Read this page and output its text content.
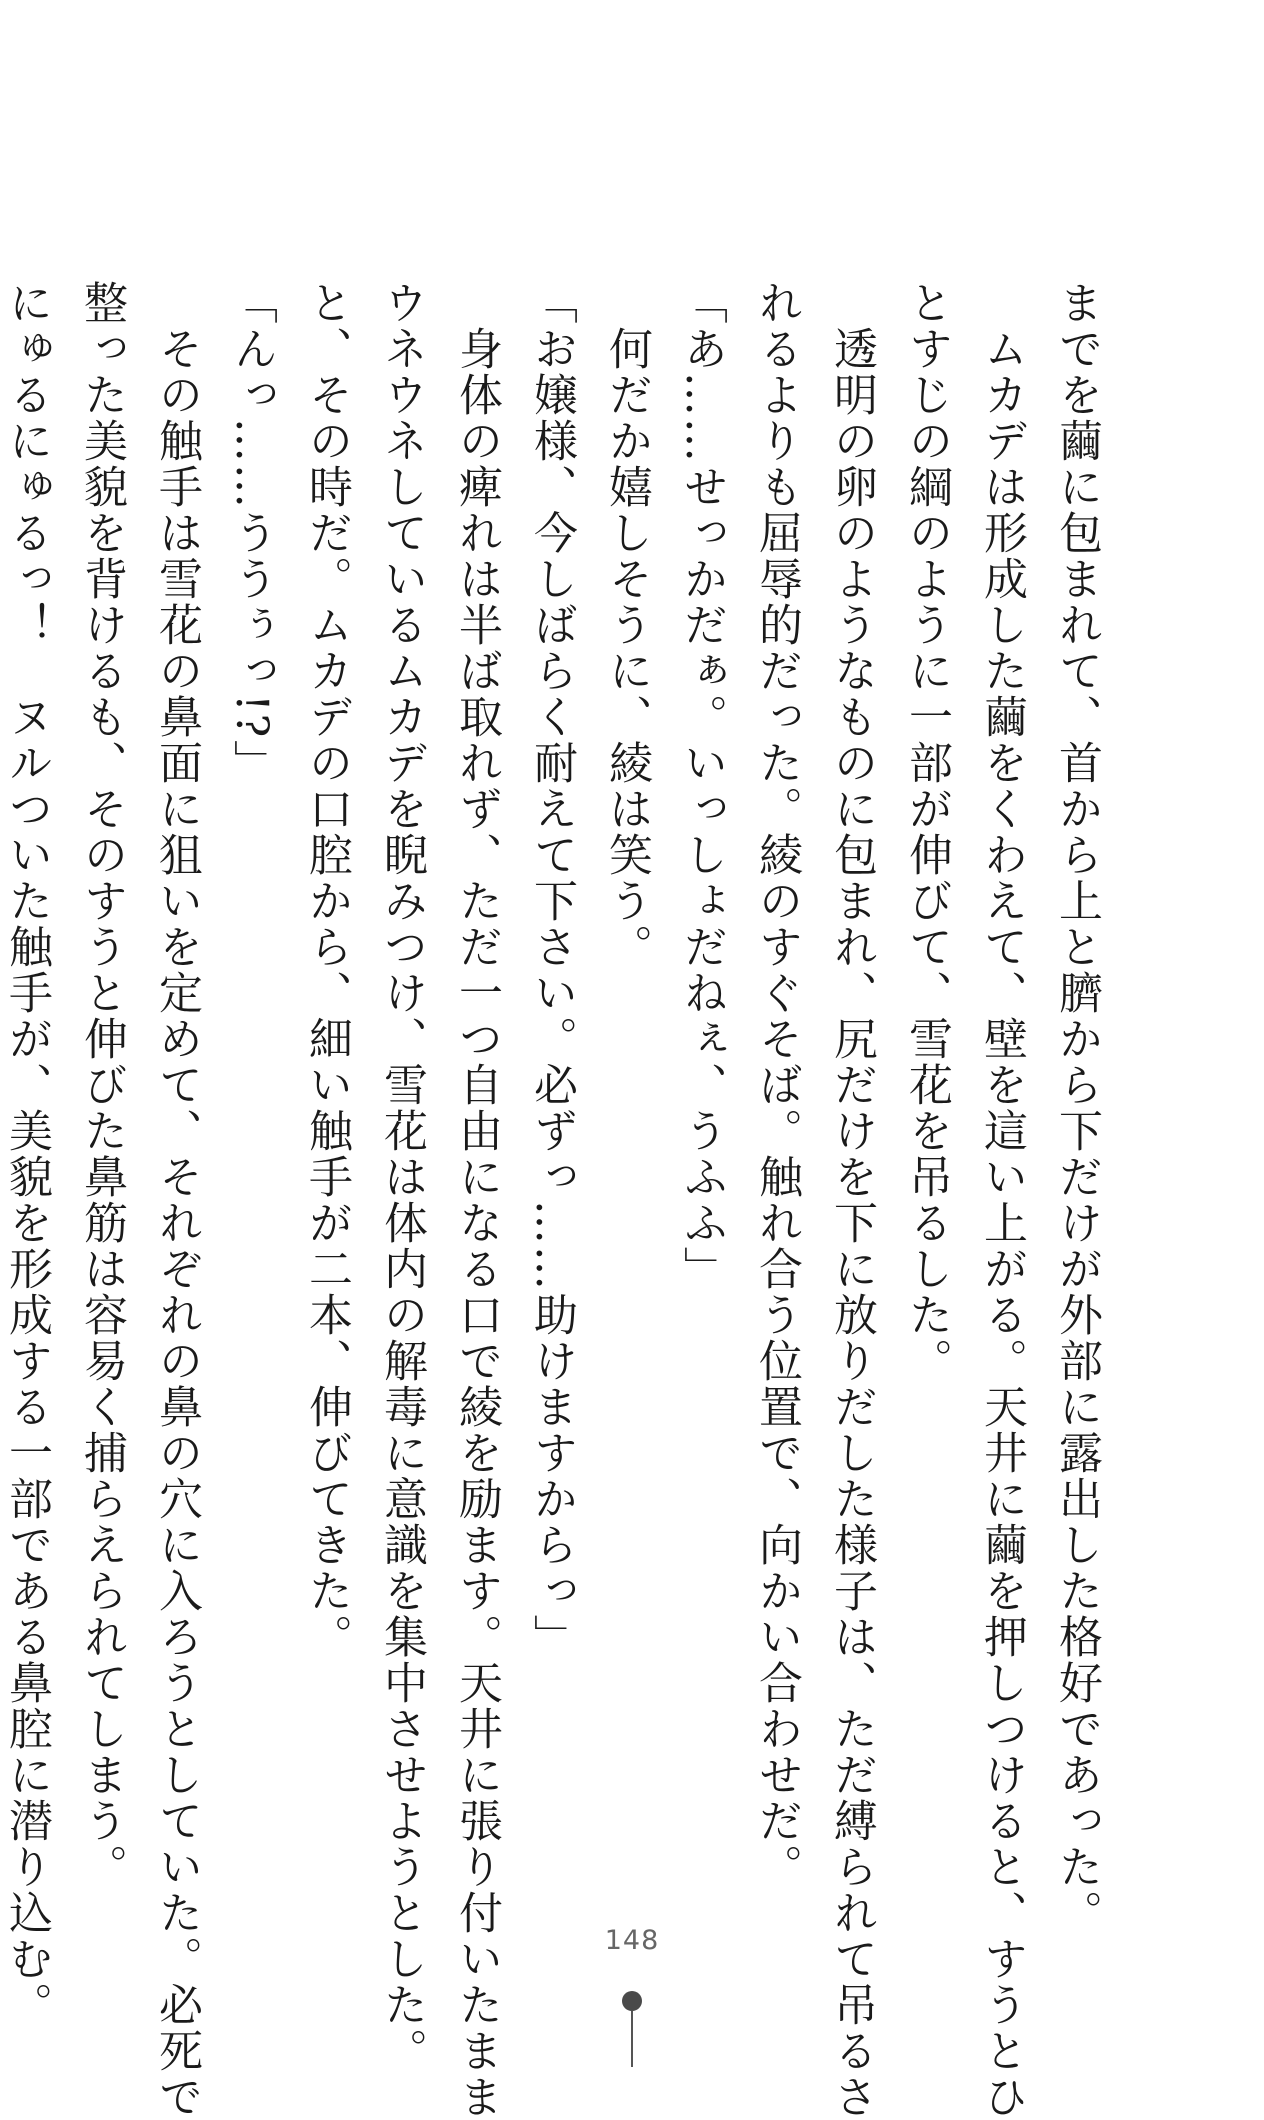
までを繭に包まれて、首から上と臍から下だけが外部に露出した格好であった。
　ムカデは形成した繭をくわえて、壁を這い上がる。天井に繭を押しつけると、すうとひ
とすじの綱のように一部が伸びて、雪花を吊るした。
　透明の卵のようなものに包まれ、尻だけを下に放りだした様子は、ただ縛られて吊るさ
れるよりも屈辱的だった。綾のすぐそば。触れ合う位置で、向かい合わせだ。
「あ……せっかだぁ。いっしょだねぇ、うふふ」
　何だか嬉しそうに、綾は笑う。
「お嬢様、今しばらく耐えて下さい。必ずっ……助けますからっ」
　身体の痺れは半ば取れず、ただ一つ自由になる口で綾を励ます。天井に張り付いたまま
ウネウネしているムカデを睨みつけ、雪花は体内の解毒に意識を集中させようとした。
と、その時だ。ムカデの口腔から、細い触手が二本、伸びてきた。
「んっ……ううぅっ!?」
　その触手は雪花の鼻面に狙いを定めて、それぞれの鼻の穴に入ろうとしていた。必死で
整った美貌を背けるも、そのすうと伸びた鼻筋は容易く捕らえられてしまう。
にゅるにゅるっ！　ヌルついた触手が、美貌を形成する一部である鼻腔に潜り込む。	148
